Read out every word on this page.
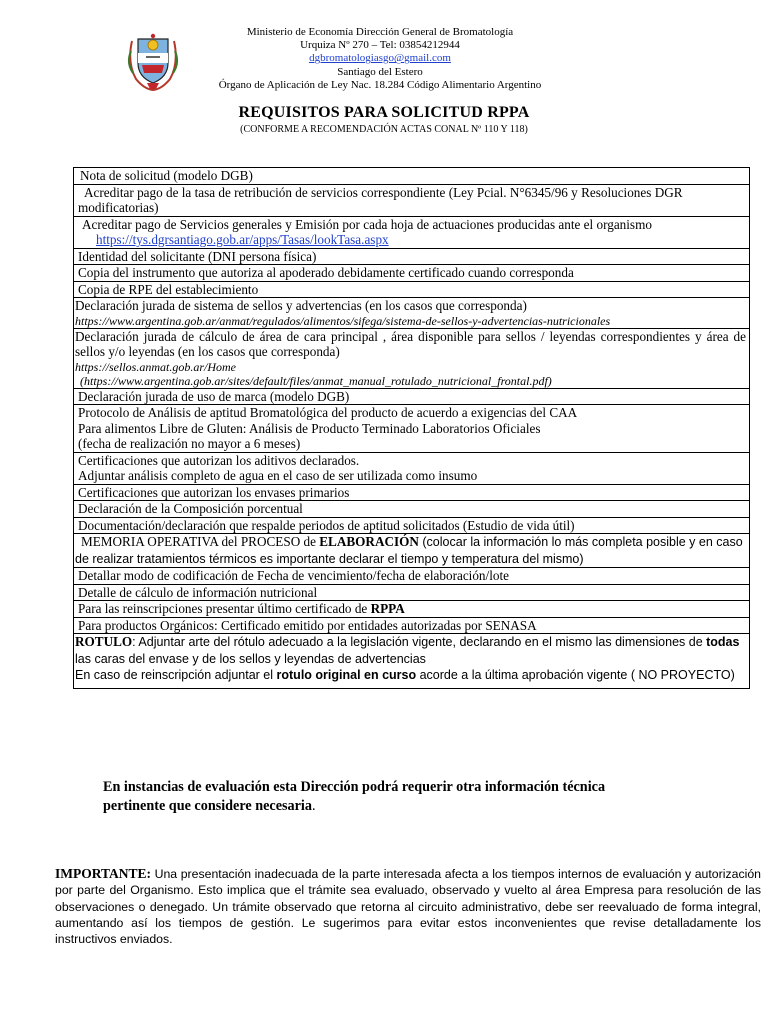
Ministerio de Economía Dirección General de Bromatología
Urquiza Nº 270 – Tel: 03854212944
dgbromatologiasgo@gmail.com
Santiago del Estero
Órgano de Aplicación de Ley Nac. 18.284 Código Alimentario Argentino
REQUISITOS PARA SOLICITUD RPPA
(CONFORME A RECOMENDACIÓN ACTAS CONAL Nº 110 Y 118)
Nota de solicitud (modelo DGB)
Acreditar pago de la tasa de retribución de servicios correspondiente (Ley Pcial. N°6345/96 y Resoluciones DGR modificatorias)
Acreditar pago de Servicios generales y Emisión por cada hoja de actuaciones producidas ante el organismo https://tys.dgrsantiago.gob.ar/apps/Tasas/lookTasa.aspx
Identidad del solicitante (DNI persona física)
Copia del instrumento que autoriza al apoderado debidamente certificado cuando corresponda
Copia de RPE del establecimiento

Declaración jurada de sistema de sellos y advertencias (en los casos que corresponda)
https://www.argentina.gob.ar/anmat/regulados/alimentos/sifega/sistema-de-sellos-y-advertencias-nutricionales

Declaración jurada de cálculo de área de cara principal , área disponible para sellos / leyendas correspondientes y área de sellos y/o leyendas (en los casos que corresponda)
https://sellos.anmat.gob.ar/Home
(https://www.argentina.gob.ar/sites/default/files/anmat_manual_rotulado_nutricional_frontal.pdf)

Declaración jurada de uso de marca (modelo DGB)

Protocolo de Análisis de aptitud Bromatológica del producto de acuerdo a exigencias del CAA
Para alimentos Libre de Gluten: Análisis de Producto Terminado Laboratorios Oficiales
(fecha de realización no mayor a 6 meses)

Certificaciones que autorizan los aditivos declarados.
Adjuntar análisis completo de agua en el caso de ser utilizada como insumo

Certificaciones que autorizan los envases primarios
Declaración de la Composición porcentual
Documentación/declaración que respalde periodos de aptitud solicitados (Estudio de vida útil)
MEMORIA OPERATIVA del PROCESO de ELABORACIÓN (colocar la información lo más completa posible y en caso de realizar tratamientos térmicos es importante declarar el tiempo y temperatura del mismo)
Detallar modo de codificación de Fecha de vencimiento/fecha de elaboración/lote
Detalle de cálculo de información nutricional
Para las reinscripciones presentar último certificado de RPPA
Para productos Orgánicos: Certificado emitido por entidades autorizadas por SENASA

ROTULO: Adjuntar arte del rótulo adecuado a la legislación vigente, declarando en el mismo las dimensiones de todas las caras del envase y de los sellos y leyendas de advertencias
En caso de reinscripción adjuntar el rotulo original en curso acorde a la última aprobación vigente ( NO PROYECTO)
En instancias de evaluación esta Dirección podrá requerir otra información técnica pertinente que considere necesaria.
IMPORTANTE: Una presentación inadecuada de la parte interesada afecta a los tiempos internos de evaluación y autorización por parte del Organismo. Esto implica que el trámite sea evaluado, observado y vuelto al área Empresa para resolución de las observaciones o denegado. Un trámite observado que retorna al circuito administrativo, debe ser reevaluado de forma integral, aumentando así los tiempos de gestión. Le sugerimos para evitar estos inconvenientes que revise detalladamente los instructivos enviados.
